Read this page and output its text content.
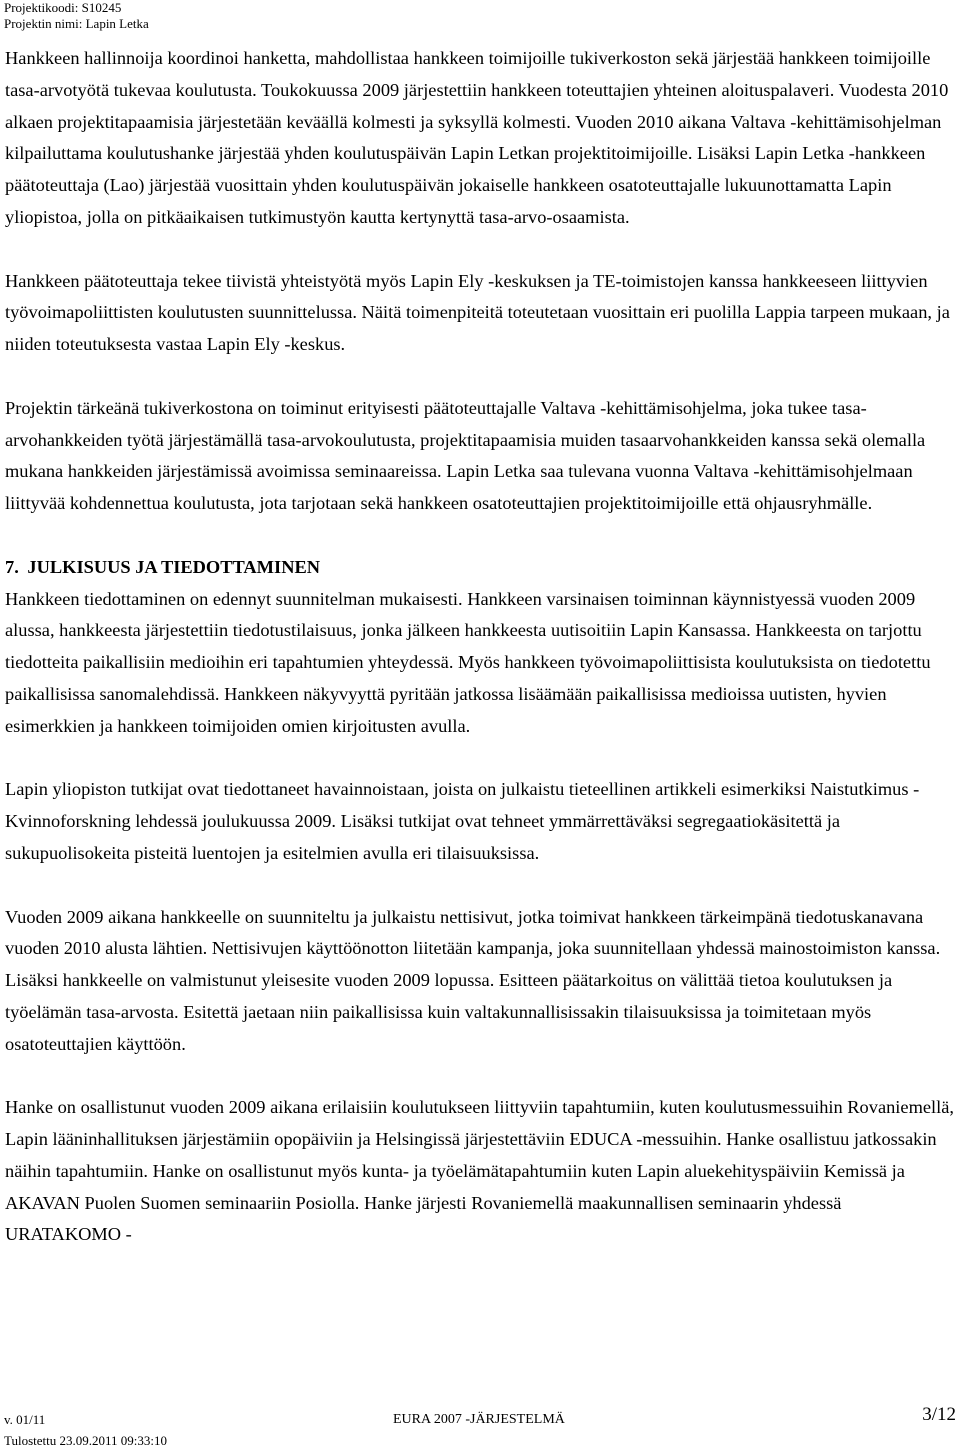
Projektikoodi: S10245
Projektin nimi: Lapin Letka

Hankkeen hallinnoija koordinoi hanketta, mahdollistaa hankkeen toimijoille tukiverkoston sekä järjestää hankkeen toimijoille tasa-arvotyötä tukevaa koulutusta. Toukokuussa 2009 järjestettiin hankkeen toteuttajien yhteinen aloituspalaveri. Vuodesta 2010 alkaen projektitapaamisia järjestetään keväällä kolmesti ja syksyllä kolmesti. Vuoden 2010 aikana Valtava -kehittämisohjelman kilpailuttama koulutushanke järjestää yhden koulutuspäivän Lapin Letkan projektitoimijoille. Lisäksi Lapin Letka -hankkeen päätoteuttaja (Lao) järjestää vuosittain yhden koulutuspäivän jokaiselle hankkeen osatoteuttajalle lukuunottamatta Lapin yliopistoa, jolla on pitkäaikaisen tutkimustyön kautta kertynyttä tasa-arvo-osaamista.

Hankkeen päätoteuttaja tekee tiivistä yhteistyötä myös Lapin Ely -keskuksen ja TE-toimistojen kanssa hankkeeseen liittyvien työvoimapoliittisten koulutusten suunnittelussa. Näitä toimenpiteitä toteutetaan vuosittain eri puolilla Lappia tarpeen mukaan, ja niiden toteutuksesta vastaa Lapin Ely -keskus.

Projektin tärkeänä tukiverkostona on toiminut erityisesti päätoteuttajalle Valtava -kehittämisohjelma, joka tukee tasa-arvohankkeiden työtä järjestämällä tasa-arvokoulutusta, projektitapaamisia muiden tasaarvohankkeiden kanssa sekä olemalla mukana hankkeiden järjestämissä avoimissa seminaareissa. Lapin Letka saa tulevana vuonna Valtava -kehittämisohjelmaan liittyvää kohdennettua koulutusta, jota tarjotaan sekä hankkeen osatoteuttajien projektitoimijoille että ohjausryhmälle.

7. JULKISUUS JA TIEDOTTAMINEN

Hankkeen tiedottaminen on edennyt suunnitelman mukaisesti. Hankkeen varsinaisen toiminnan käynnistyessä vuoden 2009 alussa, hankkeesta järjestettiin tiedotustilaisuus, jonka jälkeen hankkeesta uutisoitiin Lapin Kansassa. Hankkeesta on tarjottu tiedotteita paikallisiin medioihin eri tapahtumien yhteydessä. Myös hankkeen työvoimapoliittisista koulutuksista on tiedotettu paikallisissa sanomalehdissä. Hankkeen näkyvyyttä pyritään jatkossa lisäämään paikallisissa medioissa uutisten, hyvien esimerkkien ja hankkeen toimijoiden omien kirjoitusten avulla.

Lapin yliopiston tutkijat ovat tiedottaneet havainnoistaan, joista on julkaistu tieteellinen artikkeli esimerkiksi Naistutkimus - Kvinnoforskning lehdessä joulukuussa 2009. Lisäksi tutkijat ovat tehneet ymmärrettäväksi segregaatiokäsitettä ja sukupuolisokeita pisteitä luentojen ja esitelmien avulla eri tilaisuuksissa.

Vuoden 2009 aikana hankkeelle on suunniteltu ja julkaistu nettisivut, jotka toimivat hankkeen tärkeimpänä tiedotuskanavana vuoden 2010 alusta lähtien. Nettisivujen käyttöönotton liitetään kampanja, joka suunnitellaan yhdessä mainostoimiston kanssa. Lisäksi hankkeelle on valmistunut yleisesite vuoden 2009 lopussa. Esitteen päätarkoitus on välittää tietoa koulutuksen ja työelämän tasa-arvosta. Esitettä jaetaan niin paikallisissa kuin valtakunnallisissakin tilaisuuksissa ja toimitetaan myös osatoteuttajien käyttöön.

Hanke on osallistunut vuoden 2009 aikana erilaisiin koulutukseen liittyviin tapahtumiin, kuten koulutusmessuihin Rovaniemellä, Lapin lääninhallituksen järjestämiin opopäiviin ja Helsingissä järjestettäviin EDUCA -messuihin. Hanke osallistuu jatkossakin näihin tapahtumiin. Hanke on osallistunut myös kunta- ja työelämätapahtumiin kuten Lapin aluekehityspäiviin Kemissä ja AKAVAN Puolen Suomen seminaariin Posiolla. Hanke järjesti Rovaniemellä maakunnallisen seminaarin yhdessä URATAKOMO -

v. 01/11	EURA 2007 -JÄRJESTELMÄ	3/12
Tulostettu 23.09.2011 09:33:10
